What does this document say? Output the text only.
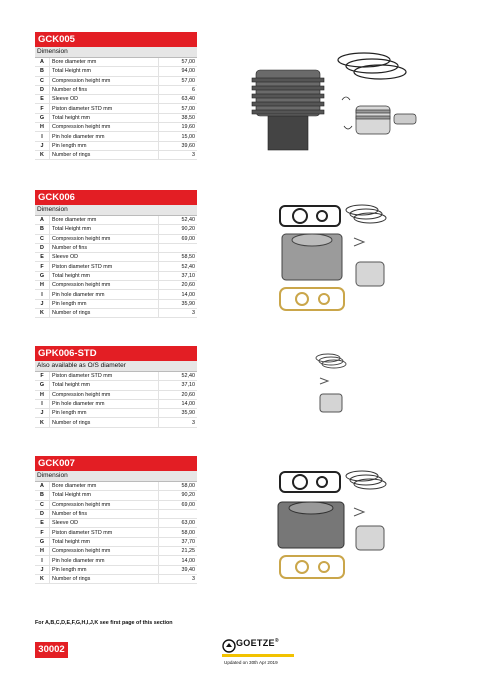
GCK005
Dimension
A	Bore diameter mm	57,00
B	Total Height mm	94,00
C	Compression height mm	57,00
D	Number of fins	6
E	Sleeve OD	63,40
F	Piston diameter STD mm	57,00
G	Total height mm	38,50
H	Compression height mm	19,60
I	Pin hole diameter mm	15,00
J	Pin length mm	39,60
K	Number of rings	3
GCK006
Dimension
A	Bore diameter mm	52,40
B	Total Height mm	90,20
C	Compression height mm	69,00
D	Number of fins	
E	Sleeve OD	58,50
F	Piston diameter STD mm	52,40
G	Total height mm	37,10
H	Compression height mm	20,60
I	Pin hole diameter mm	14,00
J	Pin length mm	35,90
K	Number of rings	3
GPK006-STD
Also available as O/S diameter
F	Piston diameter STD mm	52,40
G	Total height mm	37,10
H	Compression height mm	20,60
I	Pin hole diameter mm	14,00
J	Pin length mm	35,90
K	Number of rings	3
GCK007
Dimension
A	Bore diameter mm	58,00
B	Total Height mm	90,20
C	Compression height mm	69,00
D	Number of fins	
E	Sleeve OD	63,00
F	Piston diameter STD mm	58,00
G	Total height mm	37,70
H	Compression height mm	21,25
I	Pin hole diameter mm	14,00
J	Pin length mm	39,40
K	Number of rings	3
For A,B,C,D,E,F,G,H,I,J,K see first page of this section
30002
GOETZE®
Updated on 30th Apr 2019
